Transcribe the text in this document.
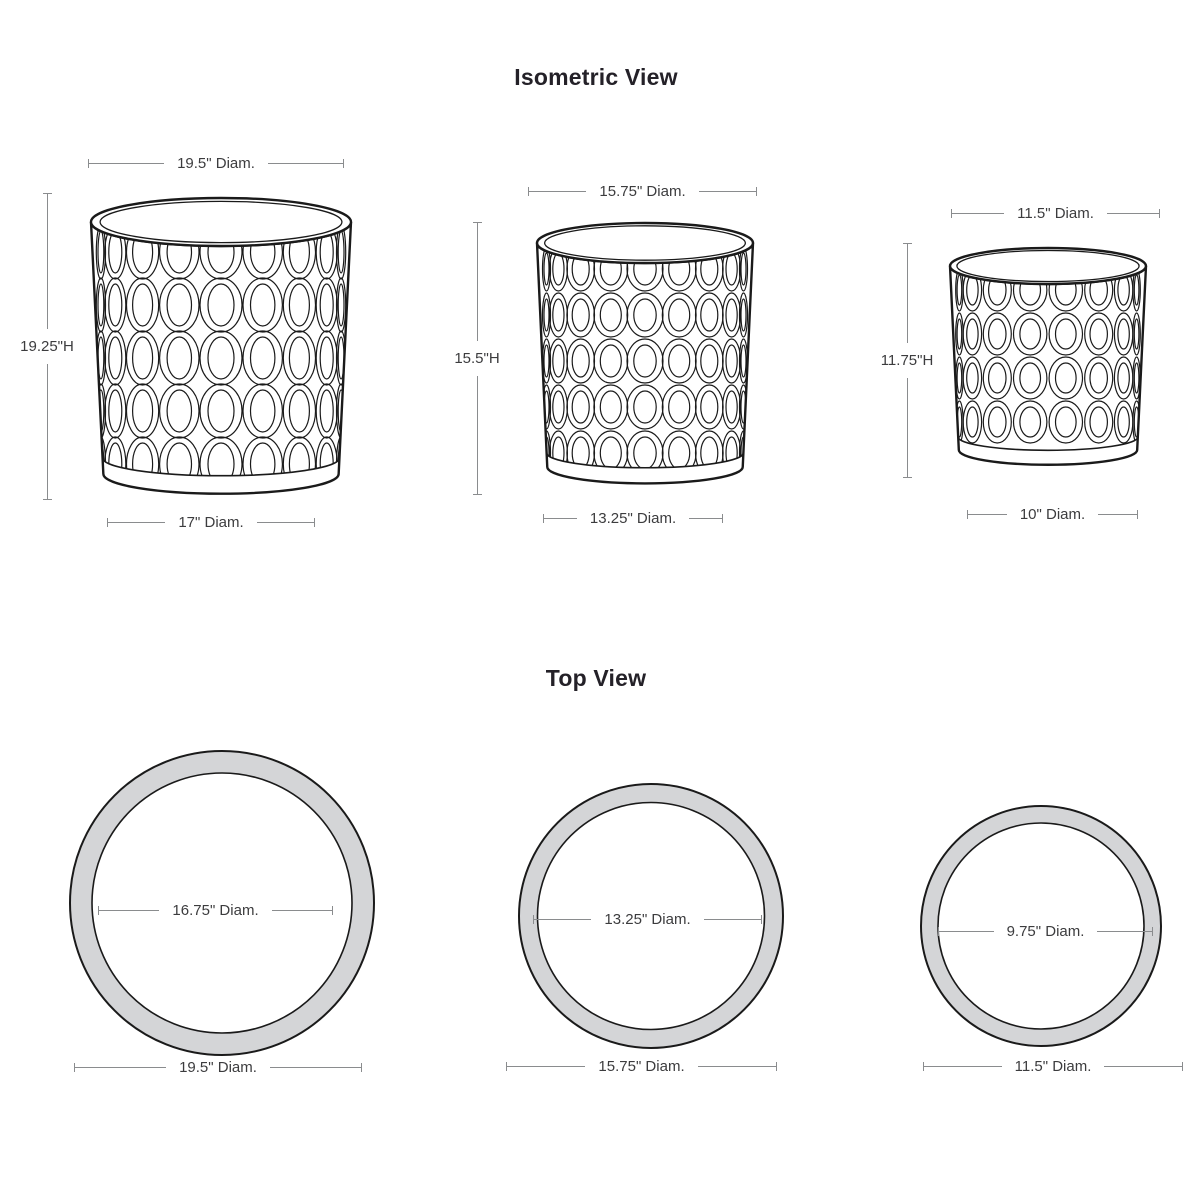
Isometric View
Top View
19.5" Diam.
19.25"H
17" Diam.
15.75" Diam.
15.5"H
13.25" Diam.
11.5" Diam.
11.75"H
10" Diam.
16.75" Diam.
19.5" Diam.
13.25" Diam.
15.75" Diam.
9.75" Diam.
11.5" Diam.
